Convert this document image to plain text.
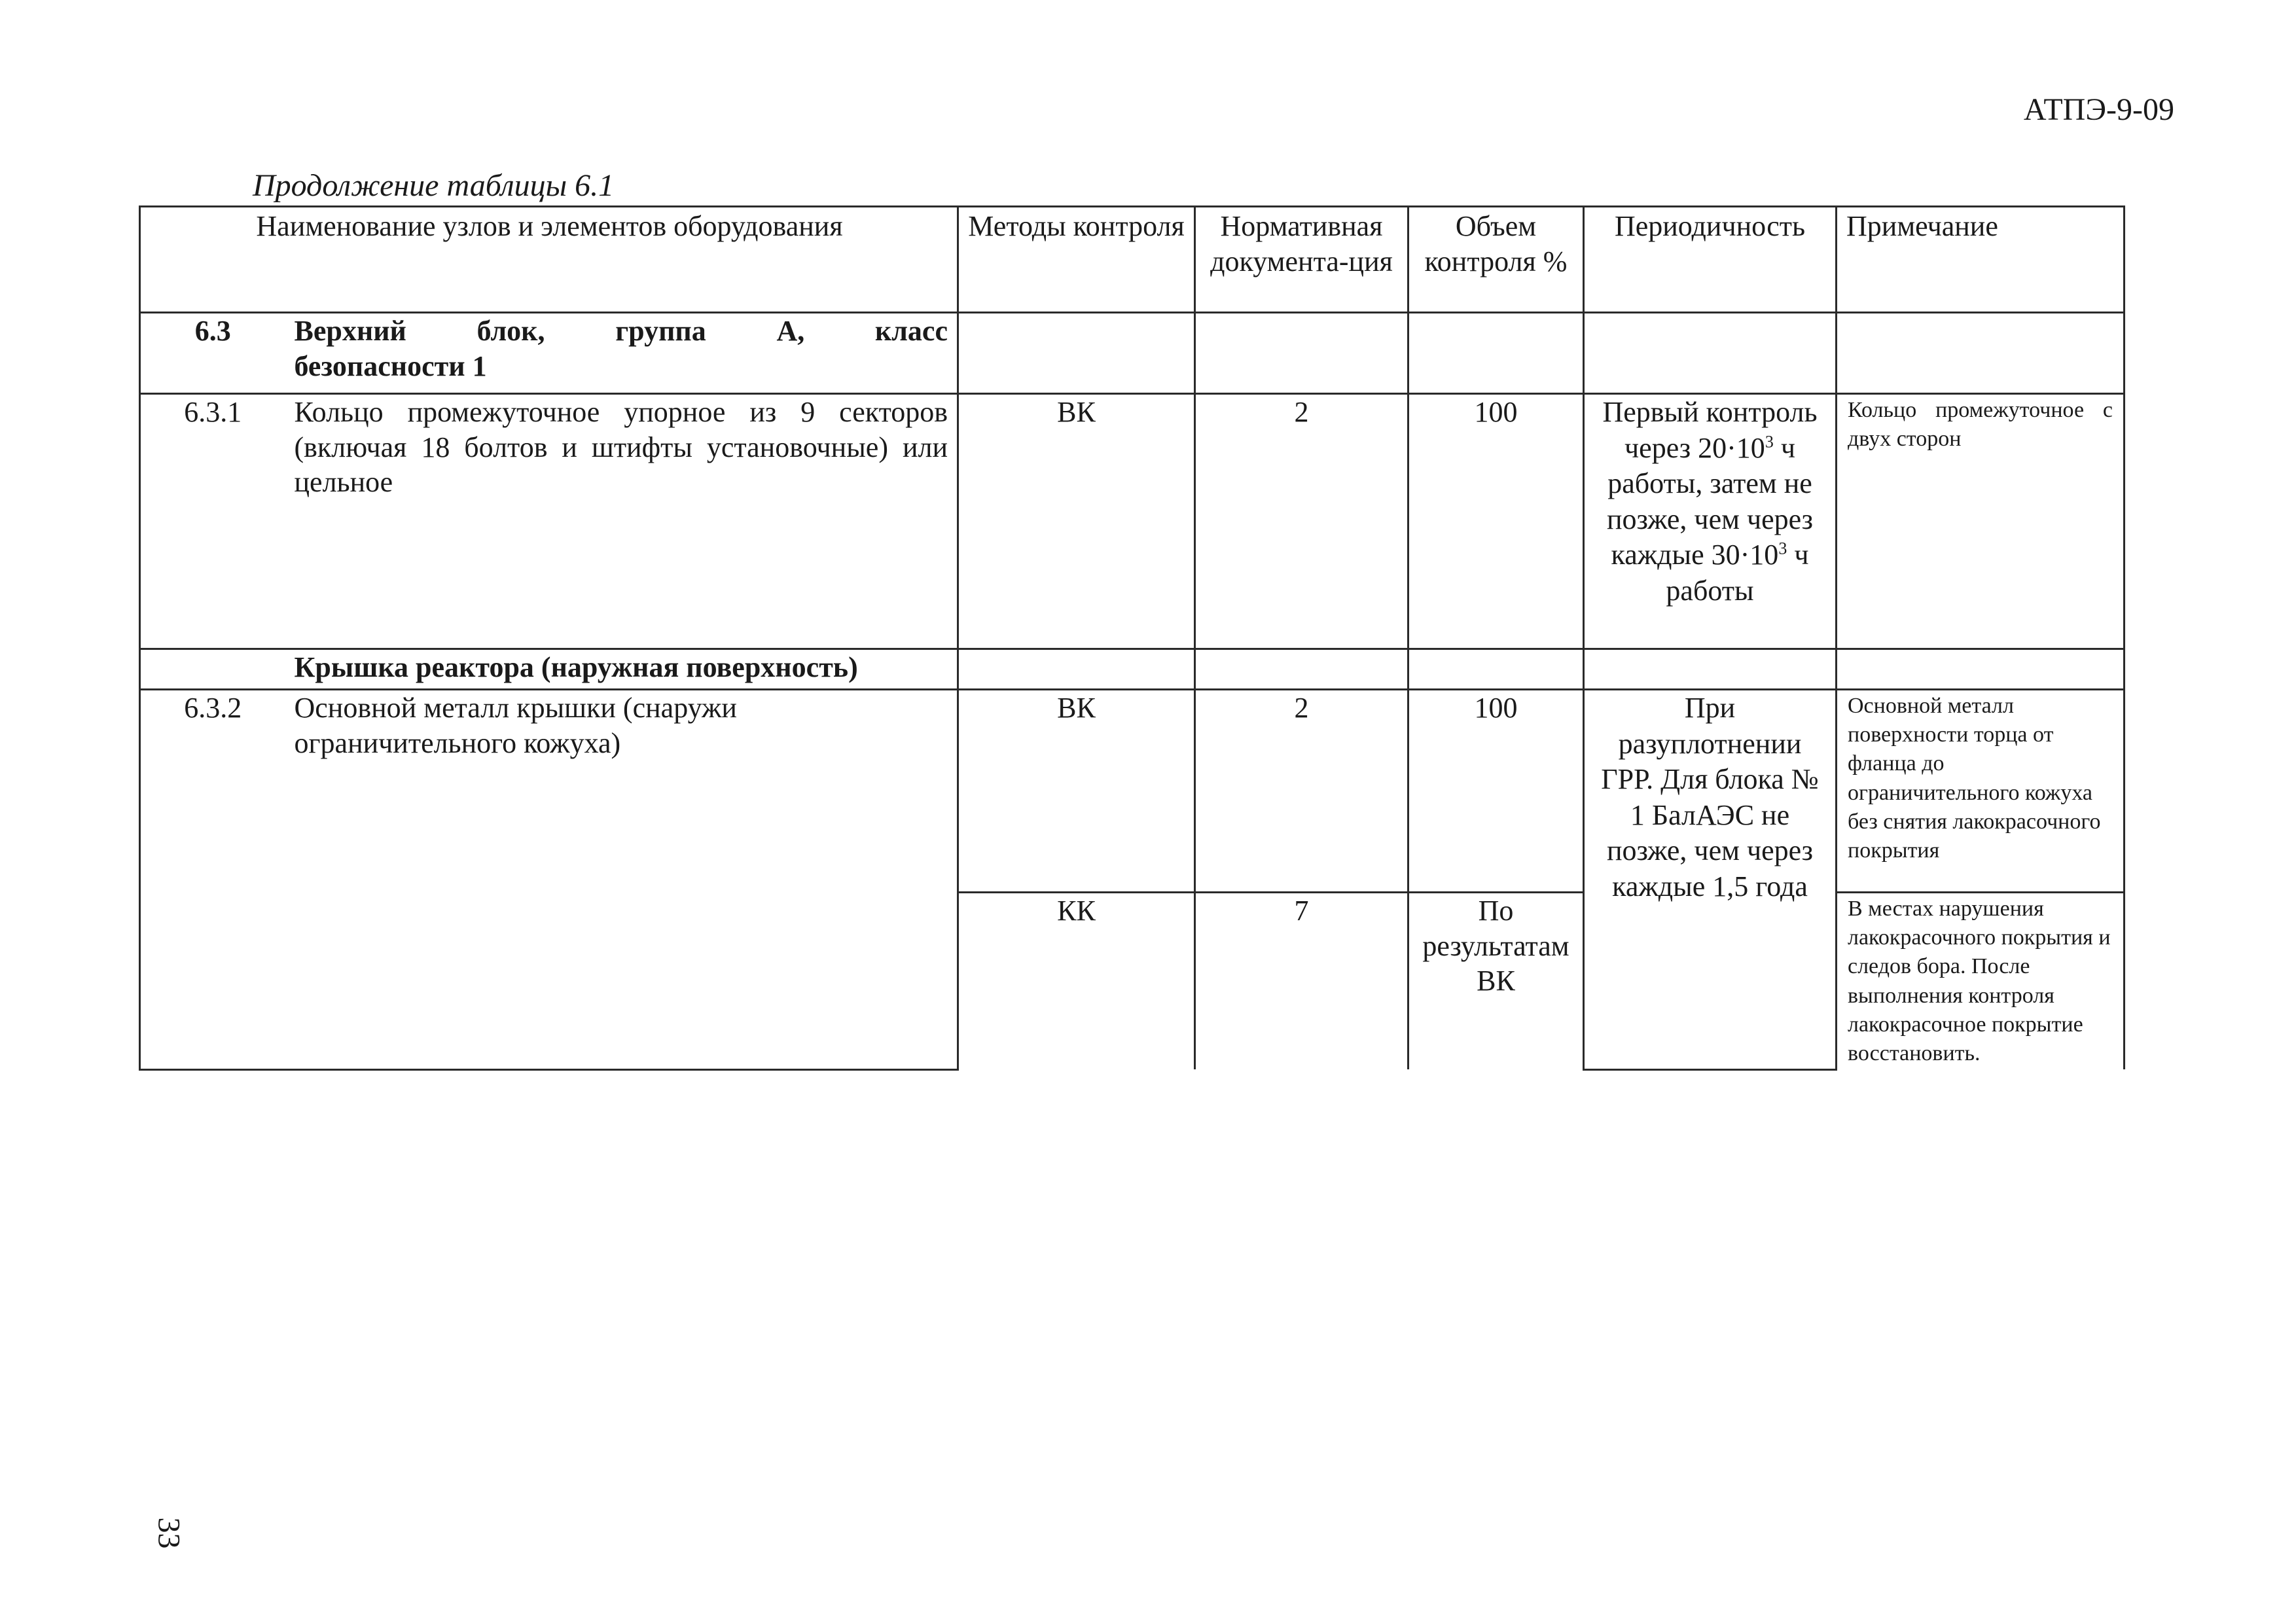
АТПЭ-9-09
Продолжение таблицы 6.1
Наименование узлов и элементов оборудования		Методы контроля	Нормативная документа-ция	Объем контроля %	Периодичность	Примечание
6.3	Верхний блок, группа А, класс
безопасности 1					
6.3.1	Кольцо промежуточное упорное из 9 секторов (включая 18 болтов и штифты установочные) или цельное	ВК	2	100	Первый контроль через $20\cdot 10^3$ ч работы, затем не позже, чем через каждые $30\cdot 10^3$ ч работы	Кольцо промежуточное с двух сторон
	Крышка реактора (наружная поверхность)					
6.3.2	Основной металл крышки (снаружи ограничительного кожуха)	ВК	2	100	При разуплотнении ГРР. Для блока № 1 БалАЭС не позже, чем через каждые 1,5 года	Основной металл поверхности торца от фланца до ограничительного кожуха без снятия лакокрасочного покрытия
		КК	7	По результатам ВК		В местах нарушения лакокрасочного покрытия и следов бора. После выполнения контроля лакокрасочное покрытие восстановить.
33
